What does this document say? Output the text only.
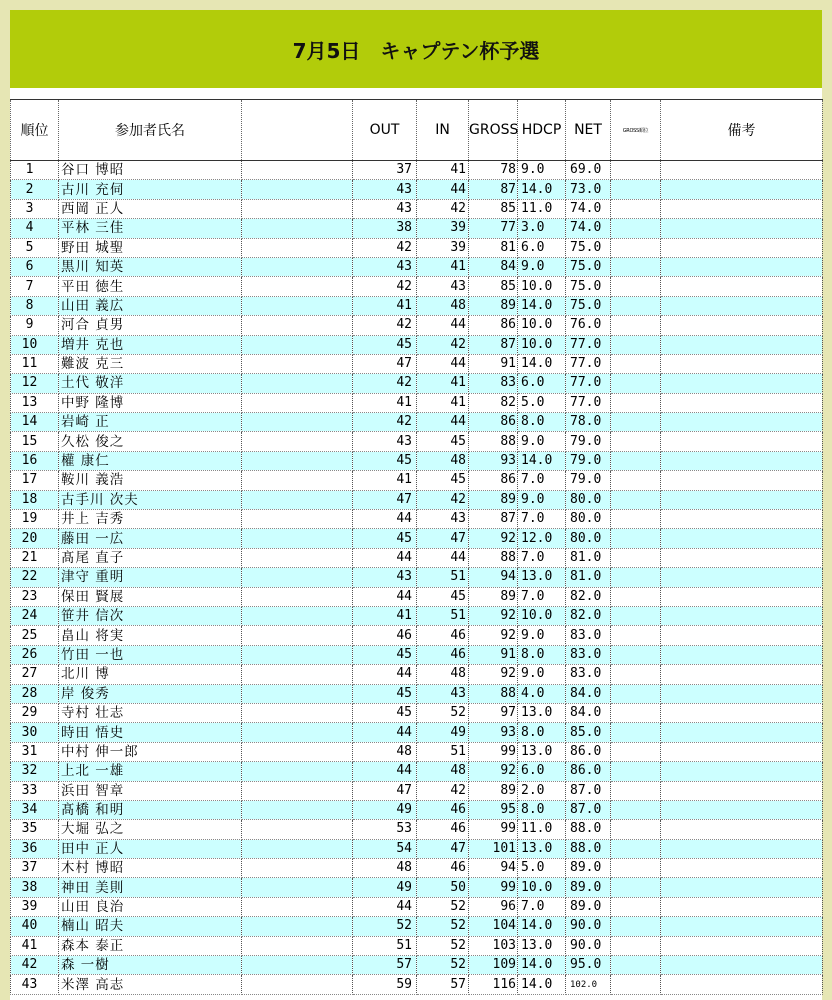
7月5日　キャプテン杯予選
順位	参加者氏名		OUT	IN	GROSS	HDCP	NET	GROSS順位	備考
1	谷口 博昭		37	41	78	9.0	69.0		
2	古川 充伺		43	44	87	14.0	73.0		
3	西岡 正人		43	42	85	11.0	74.0		
4	平林 三佳		38	39	77	3.0	74.0		
5	野田 城聖		42	39	81	6.0	75.0		
6	黒川 知英		43	41	84	9.0	75.0		
7	平田 徳生		42	43	85	10.0	75.0		
8	山田 義広		41	48	89	14.0	75.0		
9	河合 貞男		42	44	86	10.0	76.0		
10	増井 克也		45	42	87	10.0	77.0		
11	難波 克三		47	44	91	14.0	77.0		
12	土代 敬洋		42	41	83	6.0	77.0		
13	中野 隆博		41	41	82	5.0	77.0		
14	岩崎 正		42	44	86	8.0	78.0		
15	久松 俊之		43	45	88	9.0	79.0		
16	權 康仁		45	48	93	14.0	79.0		
17	鞍川 義浩		41	45	86	7.0	79.0		
18	古手川 次夫		47	42	89	9.0	80.0		
19	井上 吉秀		44	43	87	7.0	80.0		
20	藤田 一広		45	47	92	12.0	80.0		
21	髙尾 直子		44	44	88	7.0	81.0		
22	津守 重明		43	51	94	13.0	81.0		
23	保田 賢展		44	45	89	7.0	82.0		
24	笹井 信次		41	51	92	10.0	82.0		
25	畠山 将実		46	46	92	9.0	83.0		
26	竹田 一也		45	46	91	8.0	83.0		
27	北川 博		44	48	92	9.0	83.0		
28	岸 俊秀		45	43	88	4.0	84.0		
29	寺村 壮志		45	52	97	13.0	84.0		
30	時田 悟史		44	49	93	8.0	85.0		
31	中村 伸一郎		48	51	99	13.0	86.0		
32	上北 一雄		44	48	92	6.0	86.0		
33	浜田 智章		47	42	89	2.0	87.0		
34	髙橋 和明		49	46	95	8.0	87.0		
35	大堀 弘之		53	46	99	11.0	88.0		
36	田中 正人		54	47	101	13.0	88.0		
37	木村 博昭		48	46	94	5.0	89.0		
38	神田 美則		49	50	99	10.0	89.0		
39	山田 良治		44	52	96	7.0	89.0		
40	楠山 昭夫		52	52	104	14.0	90.0		
41	森本 泰正		51	52	103	13.0	90.0		
42	森 一樹		57	52	109	14.0	95.0		
43	米澤 高志		59	57	116	14.0	102.0		
